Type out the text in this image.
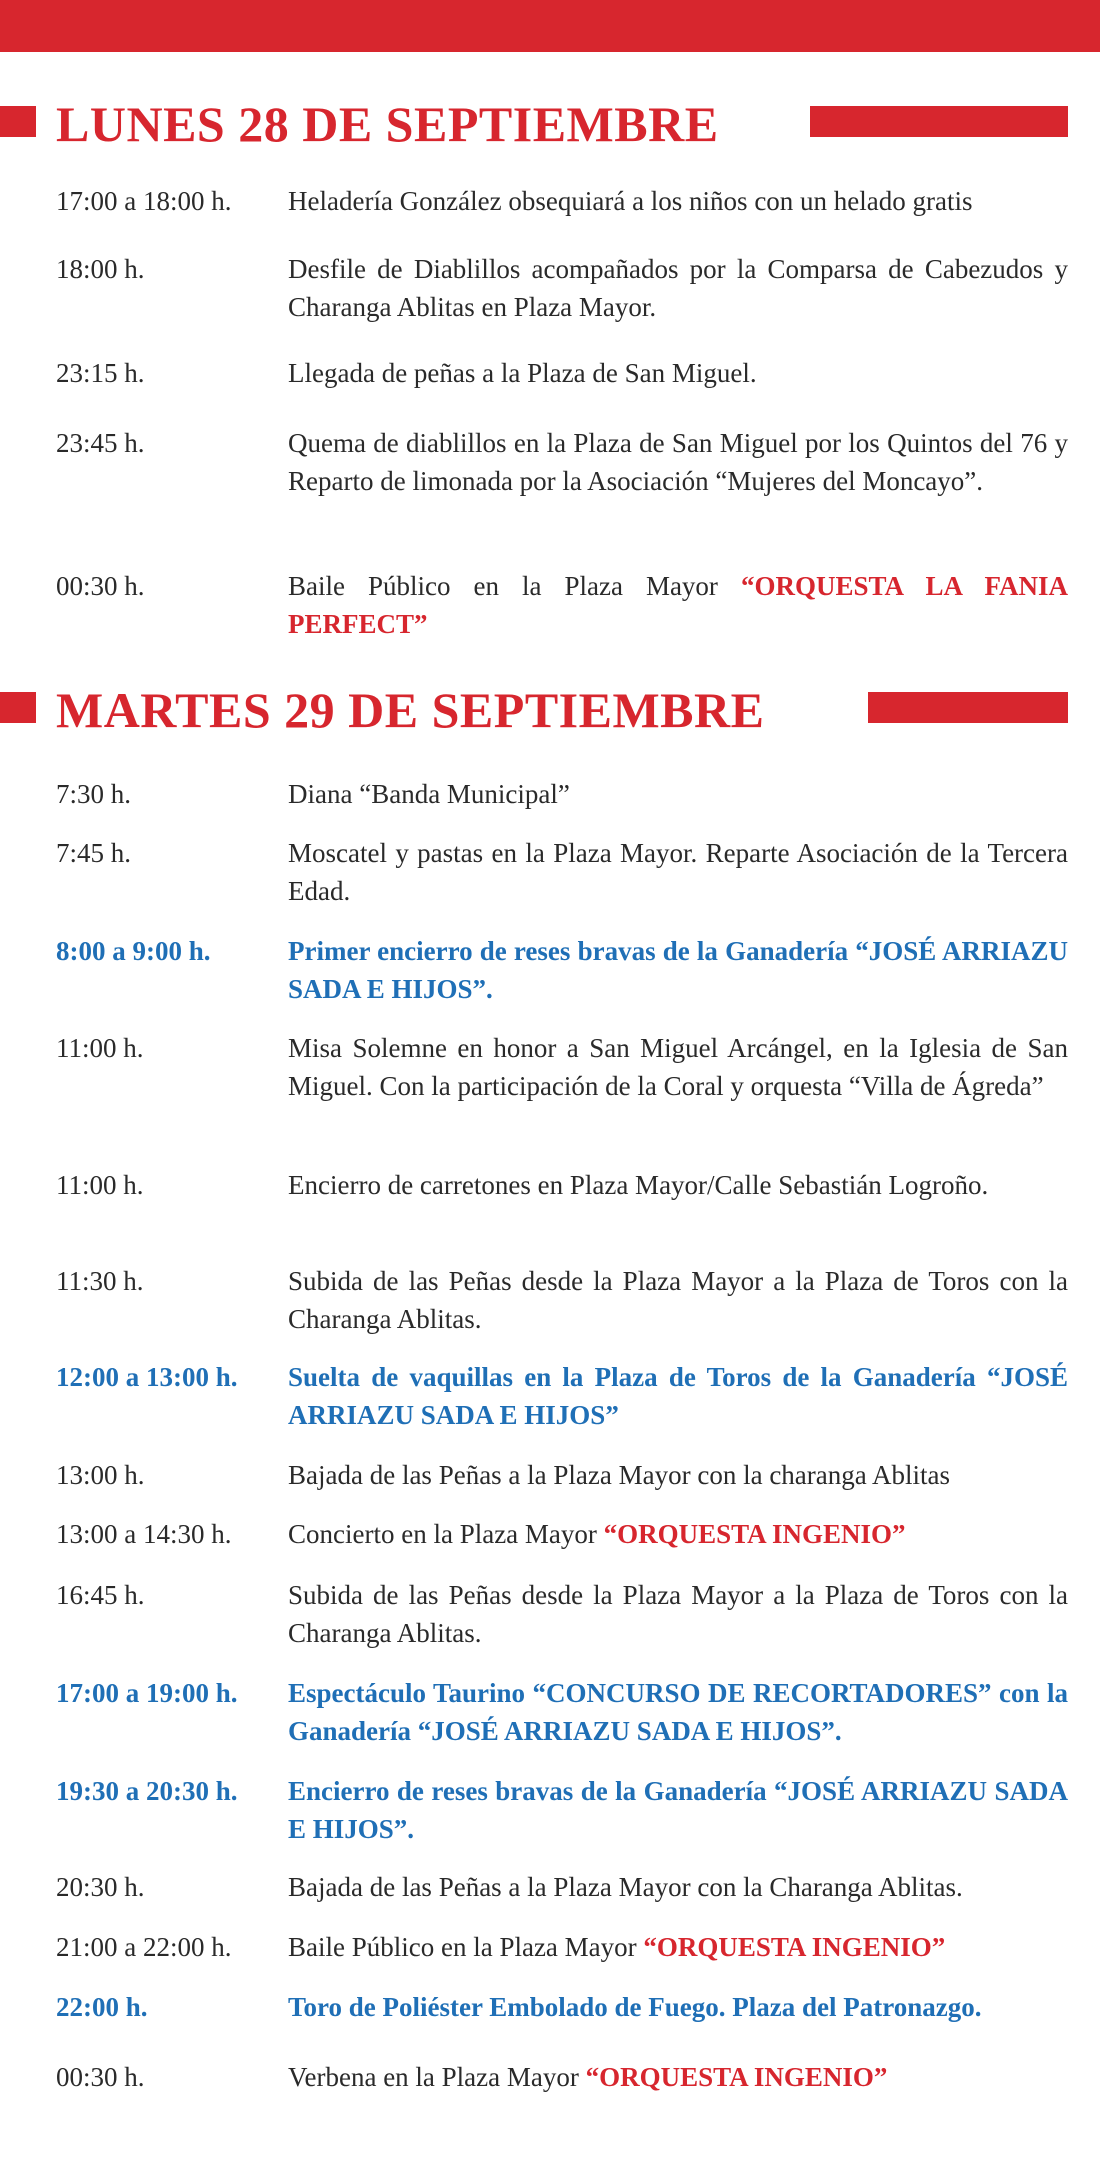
LUNES 28 DE SEPTIEMBRE
17:00 a 18:00 h.	Heladería González obsequiará a los niños con un helado gratis
18:00 h.	Desfile de Diablillos acompañados por la Comparsa de Cabezudos y Charanga Ablitas en Plaza Mayor.
23:15 h.	Llegada de peñas a la Plaza de San Miguel.
23:45 h.	Quema de diablillos en la Plaza de San Miguel por los Quintos del 76 y Reparto de limonada por la Asociación “Mujeres del Moncayo”.
00:30 h.	Baile Público en la Plaza Mayor “ORQUESTA LA FANIA PERFECT”
MARTES 29 DE SEPTIEMBRE
7:30 h.	Diana “Banda Municipal”
7:45 h.	Moscatel y pastas en la Plaza Mayor. Reparte Asociación de la Tercera Edad.
8:00 a 9:00 h.	Primer encierro de reses bravas de la Ganadería “JOSÉ ARRIAZU SADA E HIJOS”.
11:00 h.	Misa Solemne en honor a San Miguel Arcángel, en la Iglesia de San Miguel. Con la participación de la Coral y orquesta “Villa de Ágreda”
11:00 h.	Encierro de carretones en Plaza Mayor/Calle Sebastián Logroño.
11:30 h.	Subida de las Peñas desde la Plaza Mayor a la Plaza de Toros con la Charanga Ablitas.
12:00 a 13:00 h.	Suelta de vaquillas en la Plaza de Toros de la Ganadería “JOSÉ ARRIAZU SADA E HIJOS”
13:00 h.	Bajada de las Peñas a la Plaza Mayor con la charanga Ablitas
13:00 a 14:30 h.	Concierto en la Plaza Mayor “ORQUESTA INGENIO”
16:45 h.	Subida de las Peñas desde la Plaza Mayor a la Plaza de Toros con la Charanga Ablitas.
17:00 a 19:00 h.	Espectáculo Taurino “CONCURSO DE RECORTADORES” con la Ganadería “JOSÉ ARRIAZU SADA E HIJOS”.
19:30 a 20:30 h.	Encierro de reses bravas de la Ganadería “JOSÉ ARRIAZU SADA E HIJOS”.
20:30 h.	Bajada de las Peñas a la Plaza Mayor con la Charanga Ablitas.
21:00 a 22:00 h.	Baile Público en la Plaza Mayor “ORQUESTA INGENIO”
22:00 h.	Toro de Poliéster Embolado de Fuego. Plaza del Patronazgo.
00:30 h.	Verbena en la Plaza Mayor “ORQUESTA INGENIO”
